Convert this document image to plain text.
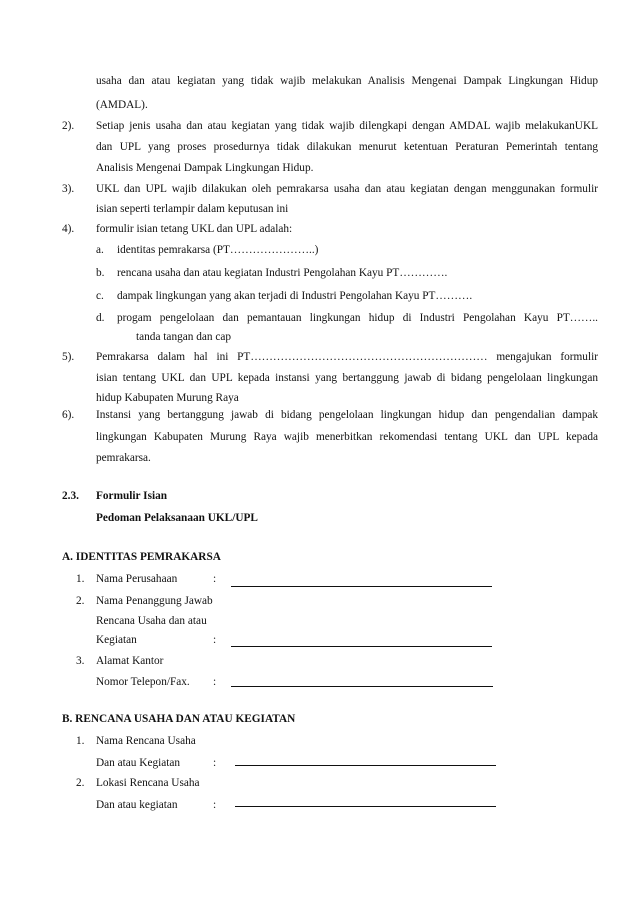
usaha dan atau kegiatan yang tidak wajib melakukan Analisis Mengenai Dampak Lingkungan Hidup
(AMDAL).
2). Setiap jenis usaha dan atau kegiatan yang tidak wajib dilengkapi dengan AMDAL wajib melakukanUKL
dan UPL yang proses prosedurnya tidak dilakukan menurut ketentuan Peraturan Pemerintah tentang
Analisis Mengenai Dampak Lingkungan Hidup.
3). UKL dan UPL wajib dilakukan oleh pemrakarsa usaha dan atau kegiatan dengan menggunakan formulir
isian seperti terlampir dalam keputusan ini
4). formulir isian tetang UKL dan UPL adalah:
a. identitas pemrakarsa (PT…………………..)
b. rencana usaha dan atau kegiatan Industri Pengolahan Kayu PT………….
c. dampak lingkungan yang akan terjadi di Industri Pengolahan Kayu PT……….
d. progam pengelolaan dan pemantauan lingkungan hidup di Industri Pengolahan Kayu PT……..
tanda tangan dan cap
5). Pemrakarsa dalam hal ini PT……………………………………………………… mengajukan formulir
isian tentang UKL dan UPL kepada instansi yang bertanggung jawab di bidang pengelolaan lingkungan
hidup Kabupaten Murung Raya
6). Instansi yang bertanggung jawab di bidang pengelolaan lingkungan hidup dan pengendalian dampak
lingkungan Kabupaten Murung Raya wajib menerbitkan rekomendasi tentang UKL dan UPL kepada
pemrakarsa.
2.3. Formulir Isian
Pedoman Pelaksanaan UKL/UPL
A. IDENTITAS PEMRAKARSA
1. Nama Perusahaan	:
2. Nama Penanggung Jawab
Rencana Usaha dan atau
Kegiatan	:
3. Alamat Kantor
Nomor Telepon/Fax. :
B. RENCANA USAHA DAN ATAU KEGIATAN
1. Nama Rencana Usaha
Dan atau Kegiatan	:
2. Lokasi Rencana Usaha
Dan atau kegiatan	:
